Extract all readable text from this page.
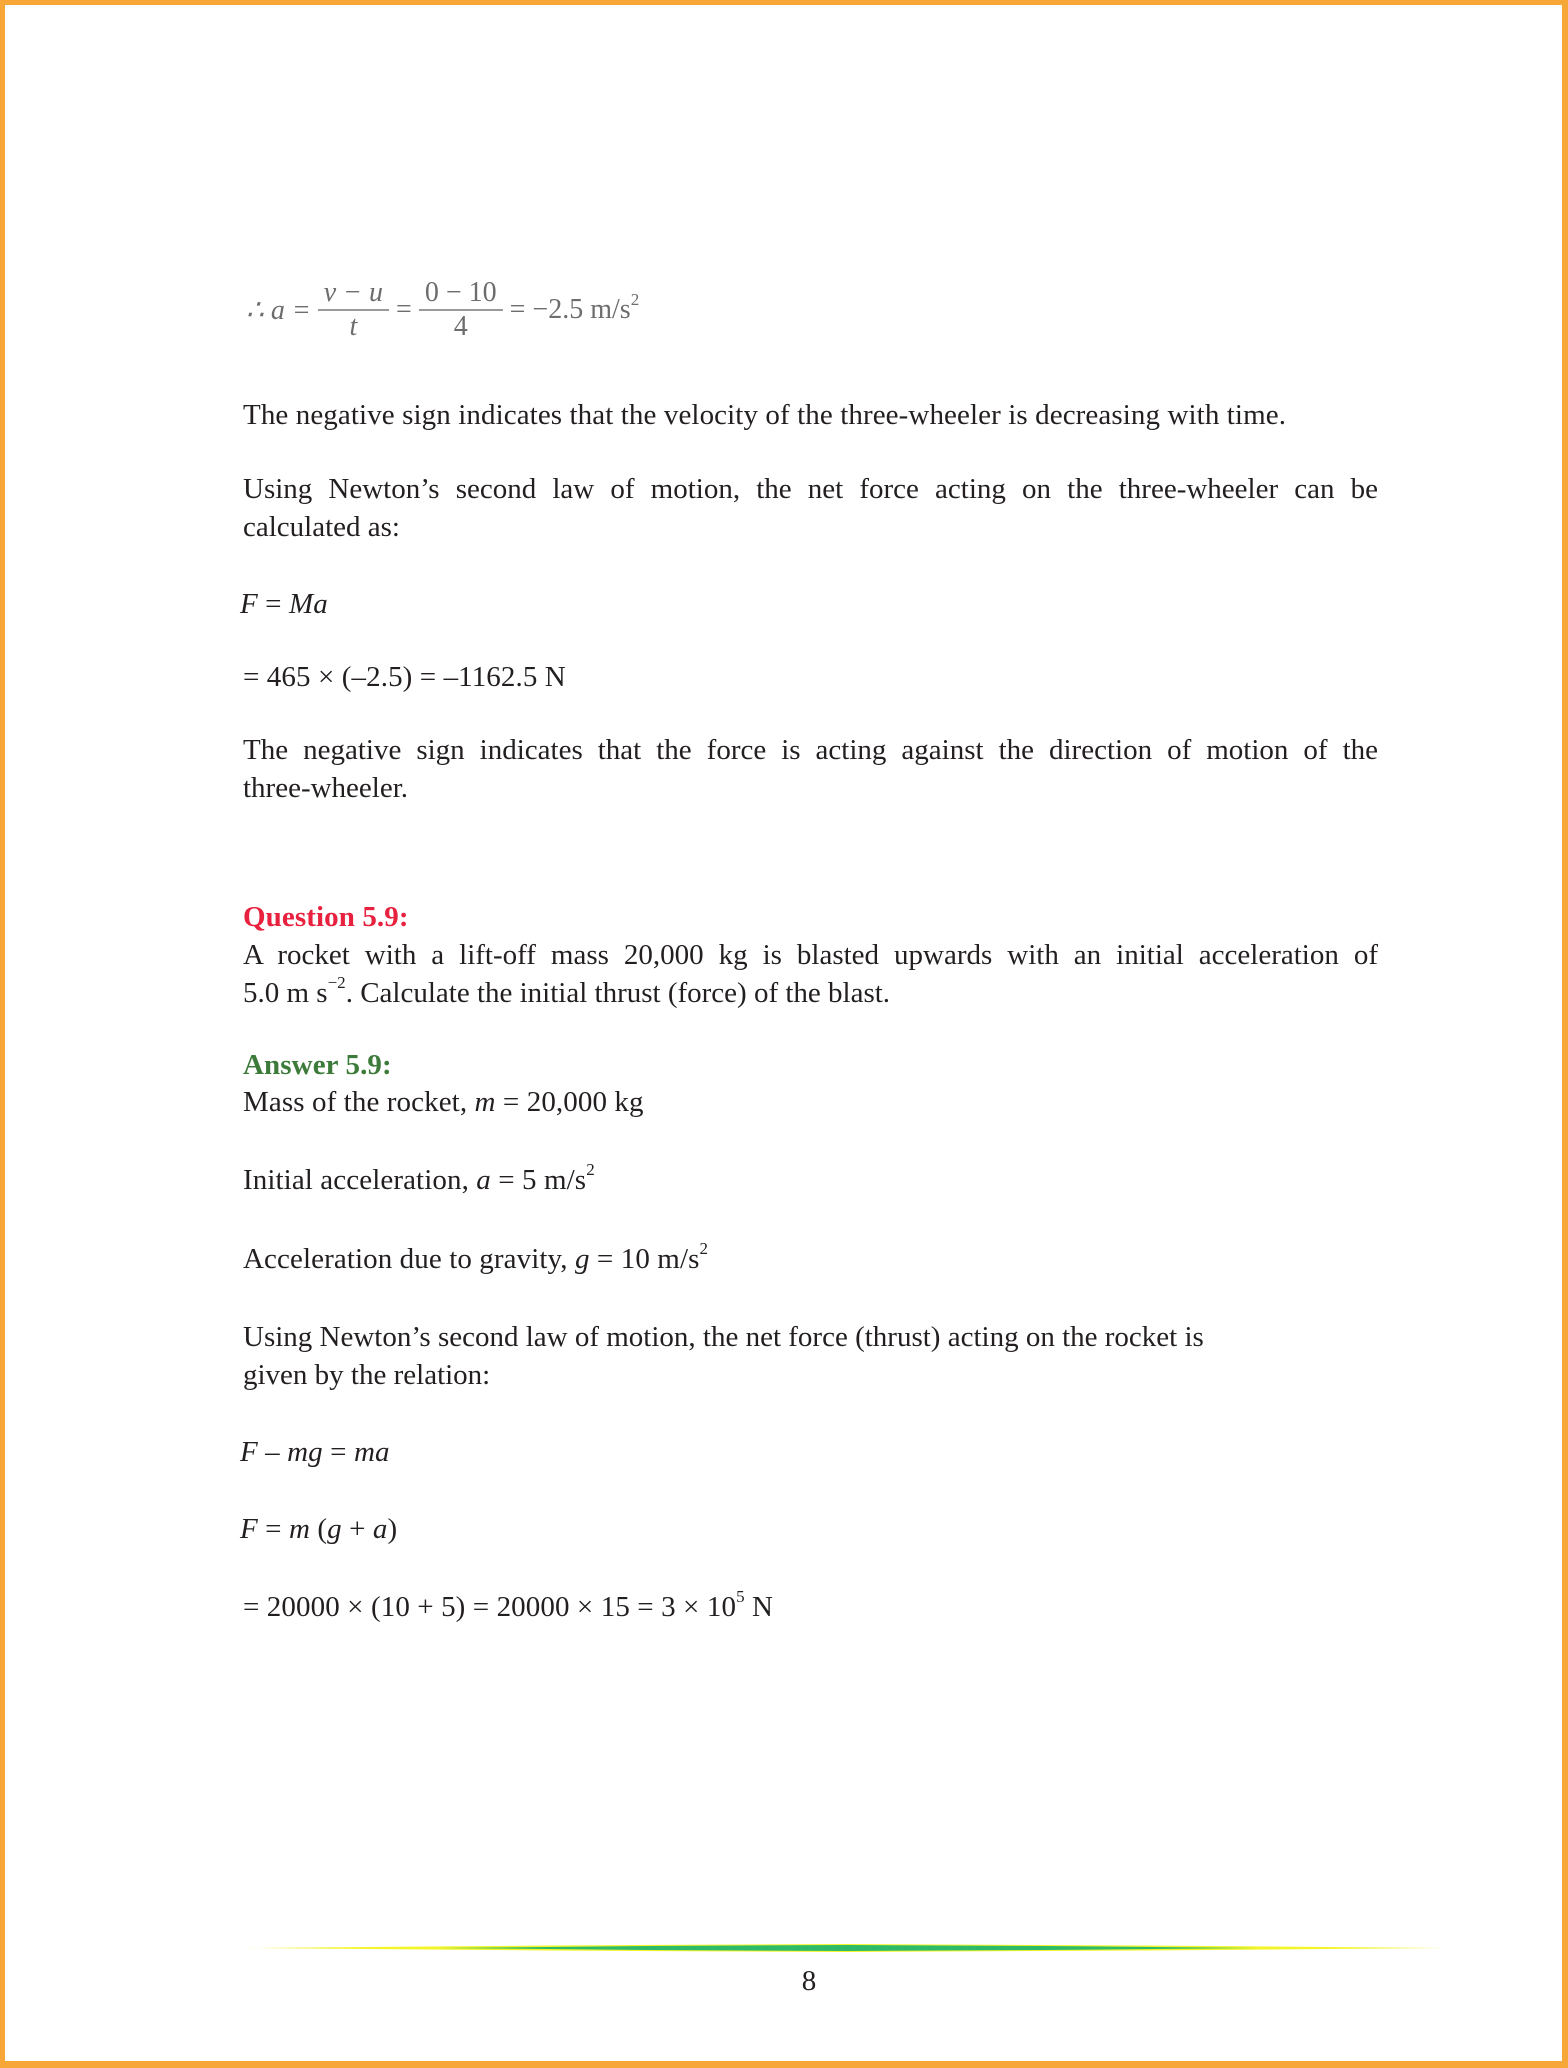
∴ $a = \frac{v - u}{t} = \frac{0 - 10}{4} = -2.5$ $m/s^2$
The negative sign indicates that the velocity of the three-wheeler is decreasing with time.
Using Newton’s second law of motion, the net force acting on the three-wheeler can be
calculated as:
F = Ma
= 465 × (–2.5) = –1162.5 N
The negative sign indicates that the force is acting against the direction of motion of the
three-wheeler.
Question 5.9:
A rocket with a lift-off mass 20,000 kg is blasted upwards with an initial acceleration of
5.0 m $s^{-2}$. Calculate the initial thrust (force) of the blast.
Answer 5.9:
Mass of the rocket, m = 20,000 kg
Initial acceleration, a = 5 $m/s^2$
Acceleration due to gravity, g = 10 $m/s^2$
Using Newton’s second law of motion, the net force (thrust) acting on the rocket is
given by the relation:
F – mg = ma
F = m (g + a)
= $20000 \times (10 + 5) = 20000 \times 15 = 3 \times 10^5$ N
8
